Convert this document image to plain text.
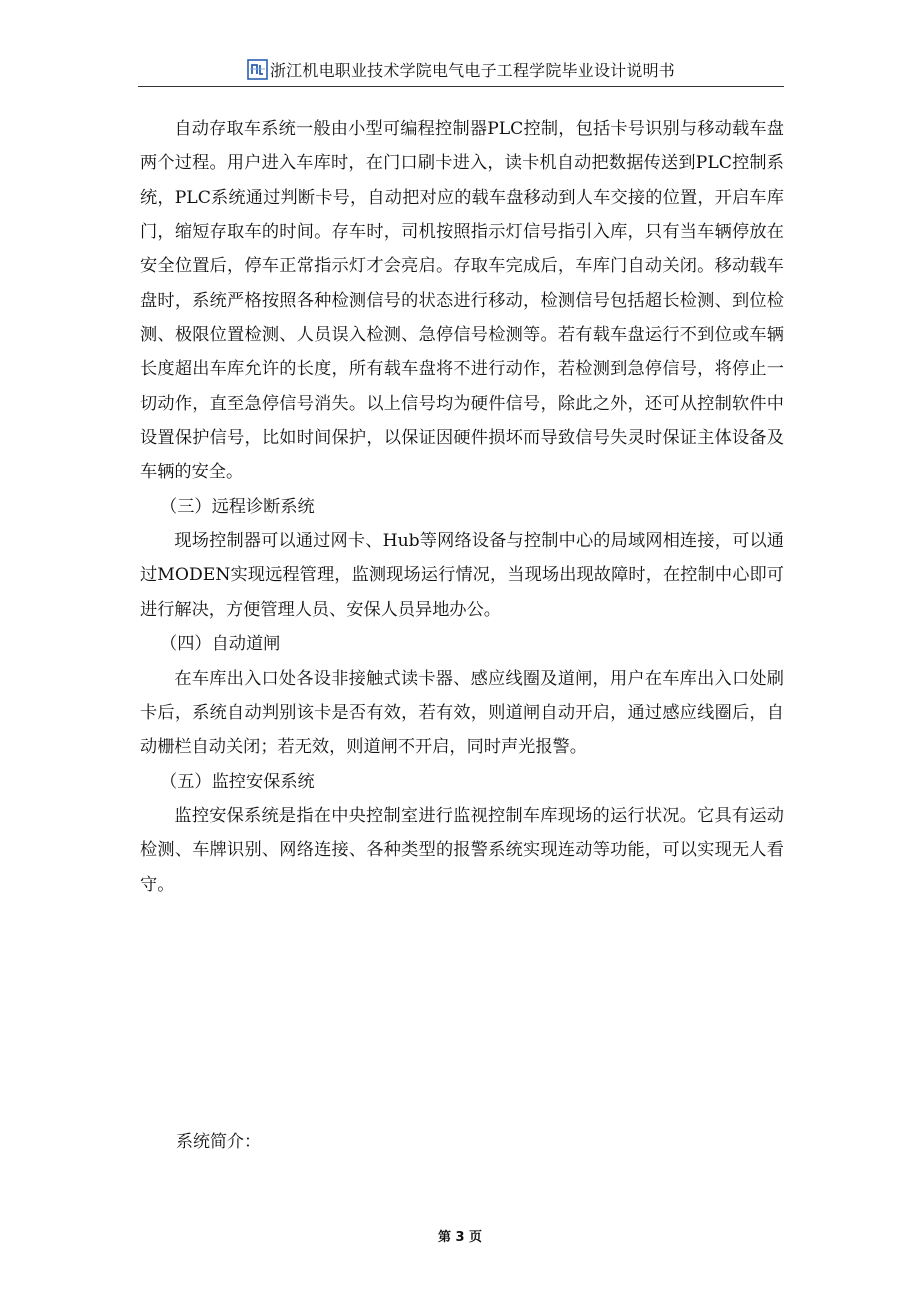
浙江机电职业技术学院电气电子工程学院毕业设计说明书

自动存取车系统一般由小型可编程控制器PLC控制，包括卡号识别与移动载车盘两个过程。用户进入车库时，在门口刷卡进入，读卡机自动把数据传送到PLC控制系统，PLC系统通过判断卡号，自动把对应的载车盘移动到人车交接的位置，开启车库门，缩短存取车的时间。存车时，司机按照指示灯信号指引入库，只有当车辆停放在安全位置后，停车正常指示灯才会亮启。存取车完成后，车库门自动关闭。移动载车盘时，系统严格按照各种检测信号的状态进行移动，检测信号包括超长检测、到位检测、极限位置检测、人员误入检测、急停信号检测等。若有载车盘运行不到位或车辆长度超出车库允许的长度，所有载车盘将不进行动作，若检测到急停信号，将停止一切动作，直至急停信号消失。以上信号均为硬件信号，除此之外，还可从控制软件中设置保护信号，比如时间保护，以保证因硬件损坏而导致信号失灵时保证主体设备及车辆的安全。

（三）远程诊断系统

现场控制器可以通过网卡、Hub等网络设备与控制中心的局域网相连接，可以通过MODEN实现远程管理，监测现场运行情况，当现场出现故障时，在控制中心即可进行解决，方便管理人员、安保人员异地办公。

（四）自动道闸

在车库出入口处各设非接触式读卡器、感应线圈及道闸，用户在车库出入口处刷卡后，系统自动判别该卡是否有效，若有效，则道闸自动开启，通过感应线圈后，自动栅栏自动关闭；若无效，则道闸不开启，同时声光报警。

（五）监控安保系统

监控安保系统是指在中央控制室进行监视控制车库现场的运行状况。它具有运动检测、车牌识别、网络连接、各种类型的报警系统实现连动等功能，可以实现无人看守。

系统简介：
第 3 页
